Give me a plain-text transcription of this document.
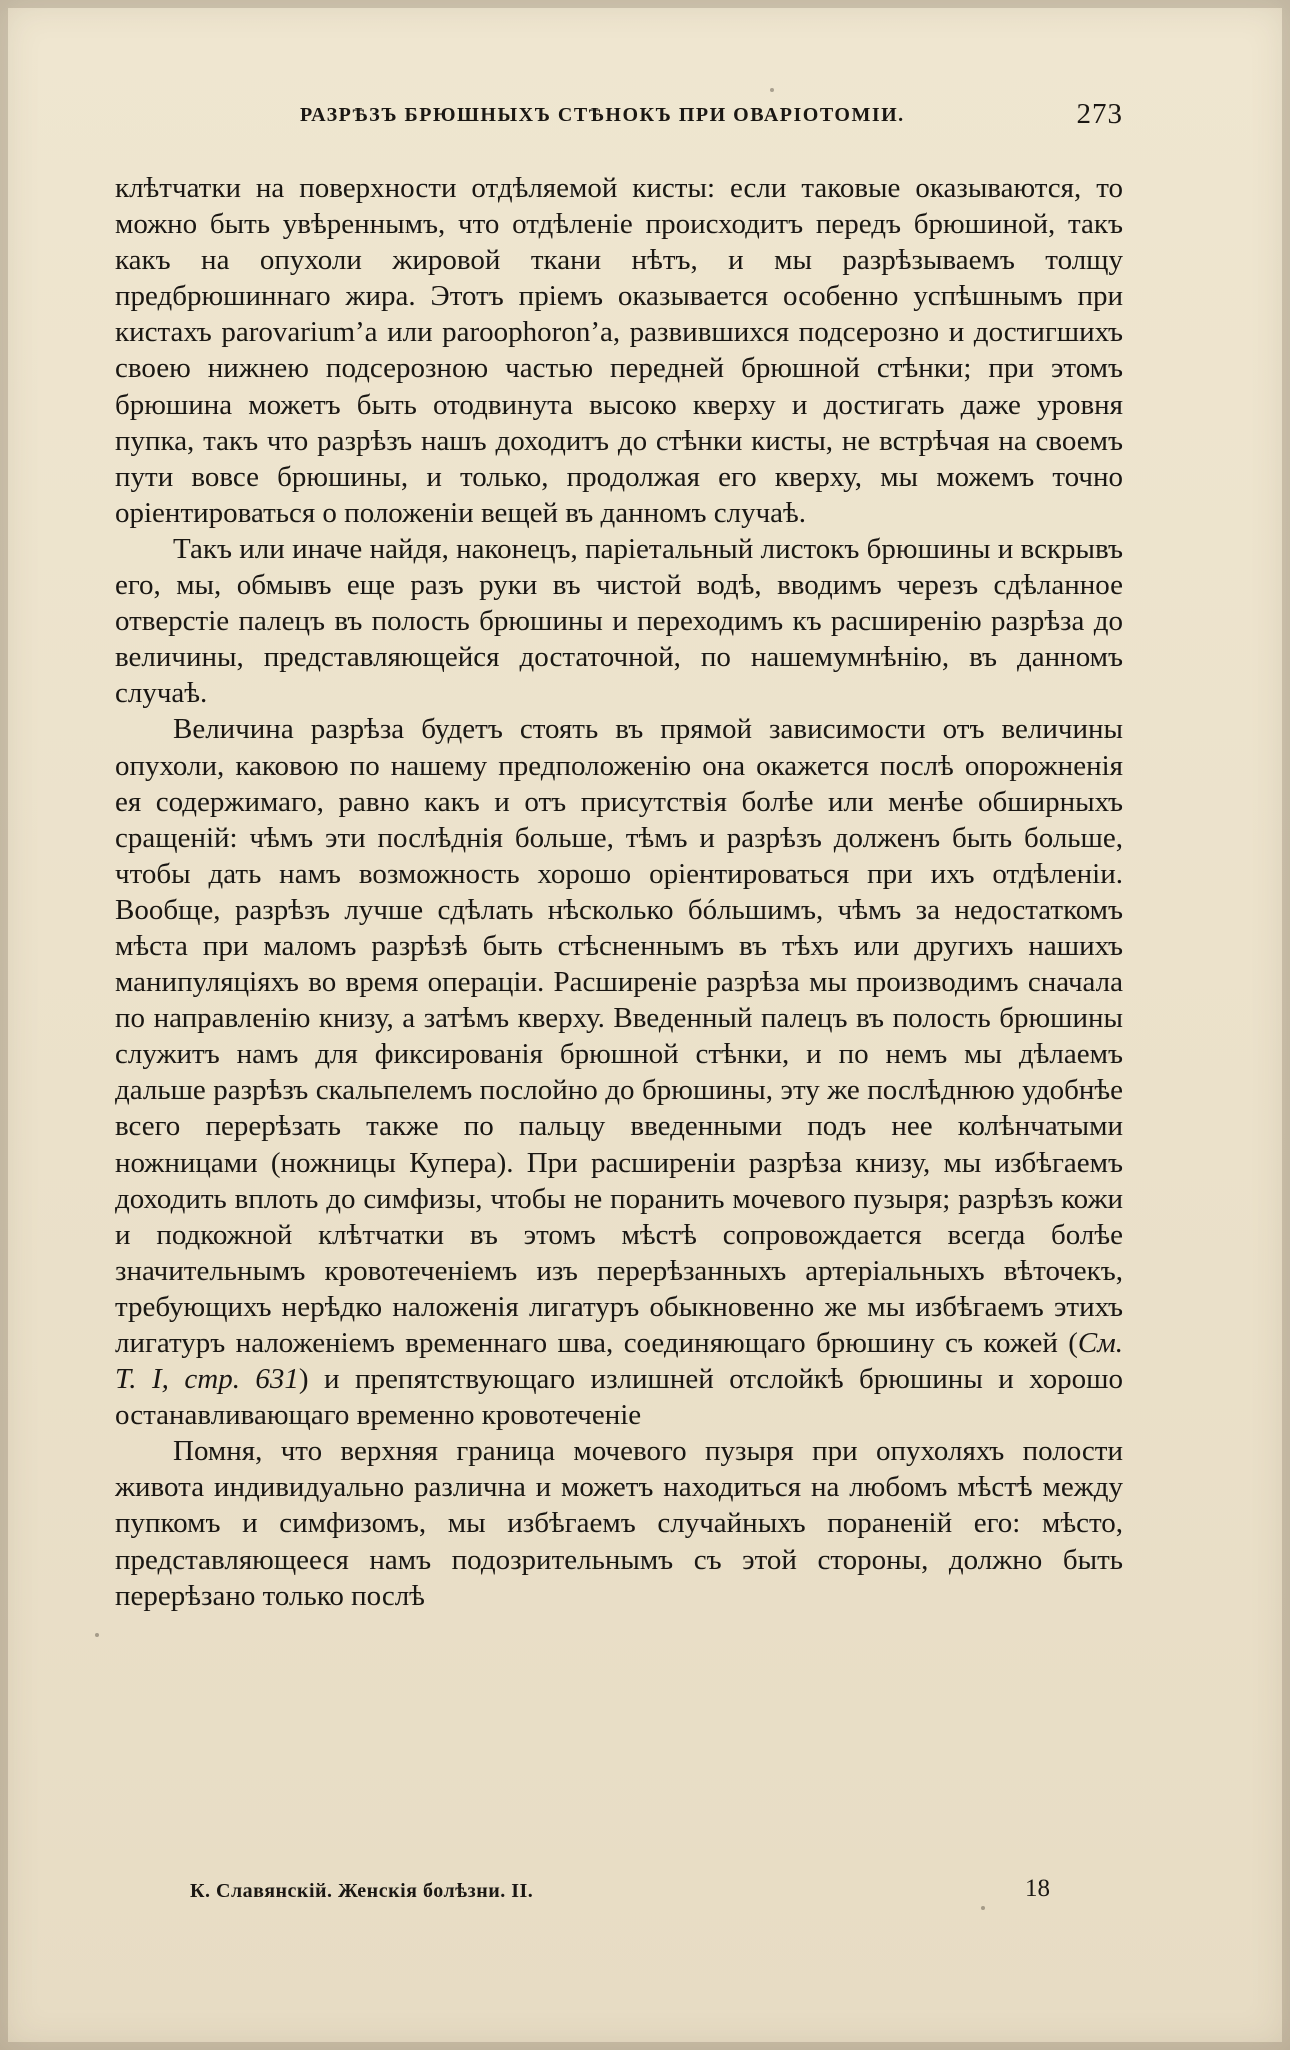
РАЗРѢЗЪ БРЮШНЫХЪ СТѢНОКЪ ПРИ ОВАРІОТОМІИ.	273

клѣтчатки на поверхности отдѣляемой кисты: если таковые оказываются, то можно быть увѣреннымъ, что отдѣленіе происходитъ передъ брюшиной, такъ какъ на опухоли жировой ткани нѣтъ, и мы разрѣзываемъ толщу предбрюшиннаго жира. Этотъ пріемъ оказывается особенно успѣшнымъ при кистахъ parovarium’a или paroophoron’a, развившихся подсерозно и достигшихъ своею нижнею подсерозною частью передней брюшной стѣнки; при этомъ брюшина можетъ быть отодвинута высоко кверху и достигать даже уровня пупка, такъ что разрѣзъ нашъ доходитъ до стѣнки кисты, не встрѣчая на своемъ пути вовсе брюшины, и только, продолжая его кверху, мы можемъ точно оріентироваться о положеніи вещей въ данномъ случаѣ.

Такъ или иначе найдя, наконецъ, паріетальный листокъ брюшины и вскрывъ его, мы, обмывъ еще разъ руки въ чистой водѣ, вводимъ черезъ сдѣланное отверстіе палецъ въ полость брюшины и переходимъ къ расширенію разрѣза до величины, представляющейся достаточной, по нашемумнѣнію, въ данномъ случаѣ.

Величина разрѣза будетъ стоять въ прямой зависимости отъ величины опухоли, каковою по нашему предположенію она окажется послѣ опорожненія ея содержимаго, равно какъ и отъ присутствія болѣе или менѣе обширныхъ сращеній: чѣмъ эти послѣднія больше, тѣмъ и разрѣзъ долженъ быть больше, чтобы дать намъ возможность хорошо оріентироваться при ихъ отдѣленіи. Вообще, разрѣзъ лучше сдѣлать нѣсколько бóльшимъ, чѣмъ за недостаткомъ мѣста при маломъ разрѣзѣ быть стѣсненнымъ въ тѣхъ или другихъ нашихъ манипуляціяхъ во время операціи. Расширеніе разрѣза мы производимъ сначала по направленію книзу, а затѣмъ кверху. Введенный палецъ въ полость брюшины служитъ намъ для фиксированія брюшной стѣнки, и по немъ мы дѣлаемъ дальше разрѣзъ скальпелемъ послойно до брюшины, эту же послѣднюю удобнѣе всего перерѣзать также по пальцу введенными подъ нее колѣнчатыми ножницами (ножницы Купера). При расширеніи разрѣза книзу, мы избѣгаемъ доходить вплоть до симфизы, чтобы не поранить мочевого пузыря; разрѣзъ кожи и подкожной клѣтчатки въ этомъ мѣстѣ сопровождается всегда болѣе значительнымъ кровотеченіемъ изъ перерѣзанныхъ артеріальныхъ вѣточекъ, требующихъ нерѣдко наложенія лигатуръ обыкновенно же мы избѣгаемъ этихъ лигатуръ наложеніемъ временнаго шва, соединяющаго брюшину съ кожей (См. Т. I, стр. 631) и препятствующаго излишней отслойкѣ брюшины и хорошо останавливающаго временно кровотеченіе

Помня, что верхняя граница мочевого пузыря при опухоляхъ полости живота индивидуально различна и можетъ находиться на любомъ мѣстѣ между пупкомъ и симфизомъ, мы избѣгаемъ случайныхъ пораненій его: мѣсто, представляющееся намъ подозрительнымъ съ этой стороны, должно быть перерѣзано только послѣ

К. Славянскій. Женскія болѣзни. II.	18
